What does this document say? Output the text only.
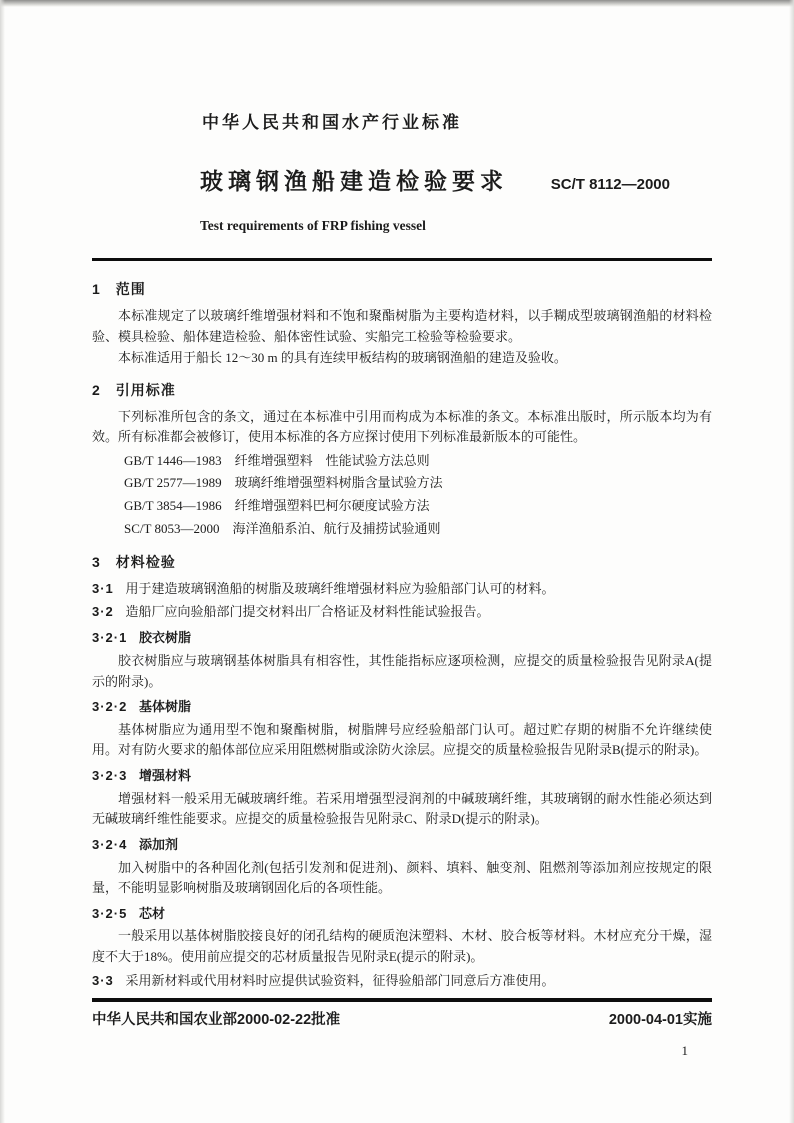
中华人民共和国水产行业标准
玻璃钢渔船建造检验要求	SC/T 8112—2000
Test requirements of FRP fishing vessel
1　范围

本标准规定了以玻璃纤维增强材料和不饱和聚酯树脂为主要构造材料，以手糊成型玻璃钢渔船的材料检验、模具检验、船体建造检验、船体密性试验、实船完工检验等检验要求。

本标准适用于船长 12～30 m 的具有连续甲板结构的玻璃钢渔船的建造及验收。

2　引用标准

下列标准所包含的条文，通过在本标准中引用而构成为本标准的条文。本标准出版时，所示版本均为有效。所有标准都会被修订，使用本标准的各方应探讨使用下列标准最新版本的可能性。

GB/T 1446—1983　纤维增强塑料　性能试验方法总则
GB/T 2577—1989　玻璃纤维增强塑料树脂含量试验方法
GB/T 3854—1986　纤维增强塑料巴柯尔硬度试验方法
SC/T 8053—2000　海洋渔船系泊、航行及捕捞试验通则
3　材料检验

3·1 用于建造玻璃钢渔船的树脂及玻璃纤维增强材料应为验船部门认可的材料。

3·2 造船厂应向验船部门提交材料出厂合格证及材料性能试验报告。

3·2·1 胶衣树脂

胶衣树脂应与玻璃钢基体树脂具有相容性，其性能指标应逐项检测，应提交的质量检验报告见附录A(提示的附录)。

3·2·2 基体树脂

基体树脂应为通用型不饱和聚酯树脂，树脂牌号应经验船部门认可。超过贮存期的树脂不允许继续使用。对有防火要求的船体部位应采用阻燃树脂或涂防火涂层。应提交的质量检验报告见附录B(提示的附录)。

3·2·3 增强材料

增强材料一般采用无碱玻璃纤维。若采用增强型浸润剂的中碱玻璃纤维，其玻璃钢的耐水性能必须达到无碱玻璃纤维性能要求。应提交的质量检验报告见附录C、附录D(提示的附录)。

3·2·4 添加剂

加入树脂中的各种固化剂(包括引发剂和促进剂)、颜料、填料、触变剂、阻燃剂等添加剂应按规定的限量，不能明显影响树脂及玻璃钢固化后的各项性能。

3·2·5 芯材

一般采用以基体树脂胶接良好的闭孔结构的硬质泡沫塑料、木材、胶合板等材料。木材应充分干燥，湿度不大于18%。使用前应提交的芯材质量报告见附录E(提示的附录)。

3·3 采用新材料或代用材料时应提供试验资料，征得验船部门同意后方准使用。

中华人民共和国农业部2000-02-22批准	2000-04-01实施
1
